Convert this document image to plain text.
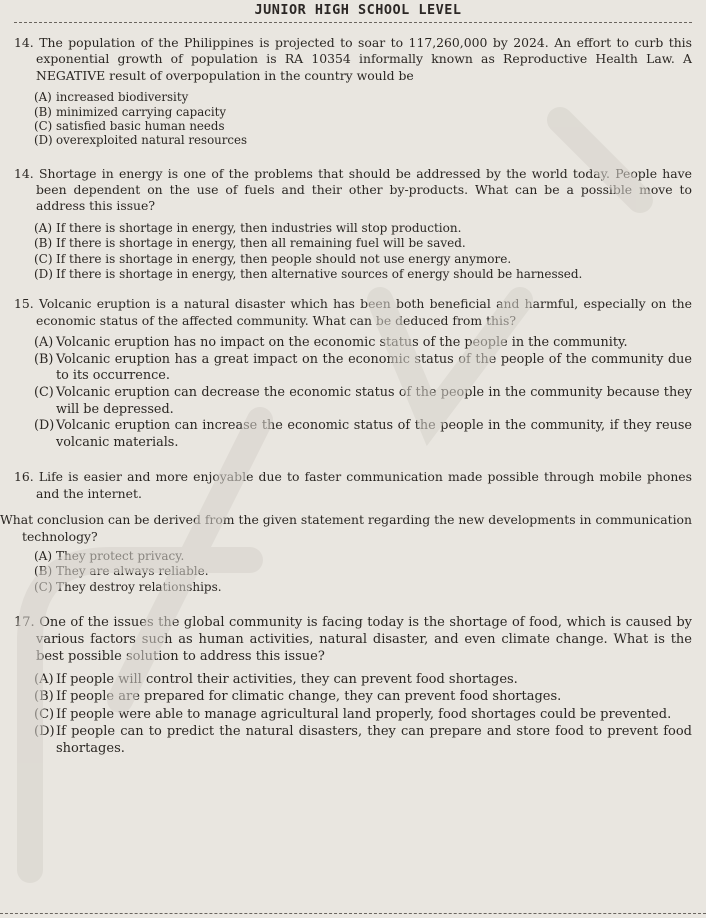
JUNIOR HIGH SCHOOL LEVEL
14. The population of the Philippines is projected to soar to 117,260,000 by 2024. An effort to curb this exponential growth of population is RA 10354 informally known as Reproductive Health Law. A NEGATIVE result of overpopulation in the country would be
(A) increased biodiversity
(B) minimized carrying capacity
(C) satisfied basic human needs
(D) overexploited natural resources
14. Shortage in energy is one of the problems that should be addressed by the world today. People have been dependent on the use of fuels and their other by-products. What can be a possible move to address this issue?
(A) If there is shortage in energy, then industries will stop production.
(B) If there is shortage in energy, then all remaining fuel will be saved.
(C) If there is shortage in energy, then people should not use energy anymore.
(D) If there is shortage in energy, then alternative sources of energy should be harnessed.
15. Volcanic eruption is a natural disaster which has been both beneficial and harmful, especially on the economic status of the affected community. What can be deduced from this?
(A) Volcanic eruption has no impact on the economic status of the people in the community.
(B) Volcanic eruption has a great impact on the economic status of the people of the community due to its occurrence.
(C) Volcanic eruption can decrease the economic status of the people in the community because they will be depressed.
(D) Volcanic eruption can increase the economic status of the people in the community, if they reuse volcanic materials.
16. Life is easier and more enjoyable due to faster communication made possible through mobile phones and the internet.
What conclusion can be derived from the given statement regarding the new developments in communication technology?
(A) They protect privacy.
(B) They are always reliable.
(C) They destroy relationships.
17. One of the issues the global community is facing today is the shortage of food, which is caused by various factors such as human activities, natural disaster, and even climate change. What is the best possible solution to address this issue?
(A) If people will control their activities, they can prevent food shortages.
(B) If people are prepared for climatic change, they can prevent food shortages.
(C) If people were able to manage agricultural land properly, food shortages could be prevented.
(D) If people can to predict the natural disasters, they can prepare and store food to prevent food shortages.
